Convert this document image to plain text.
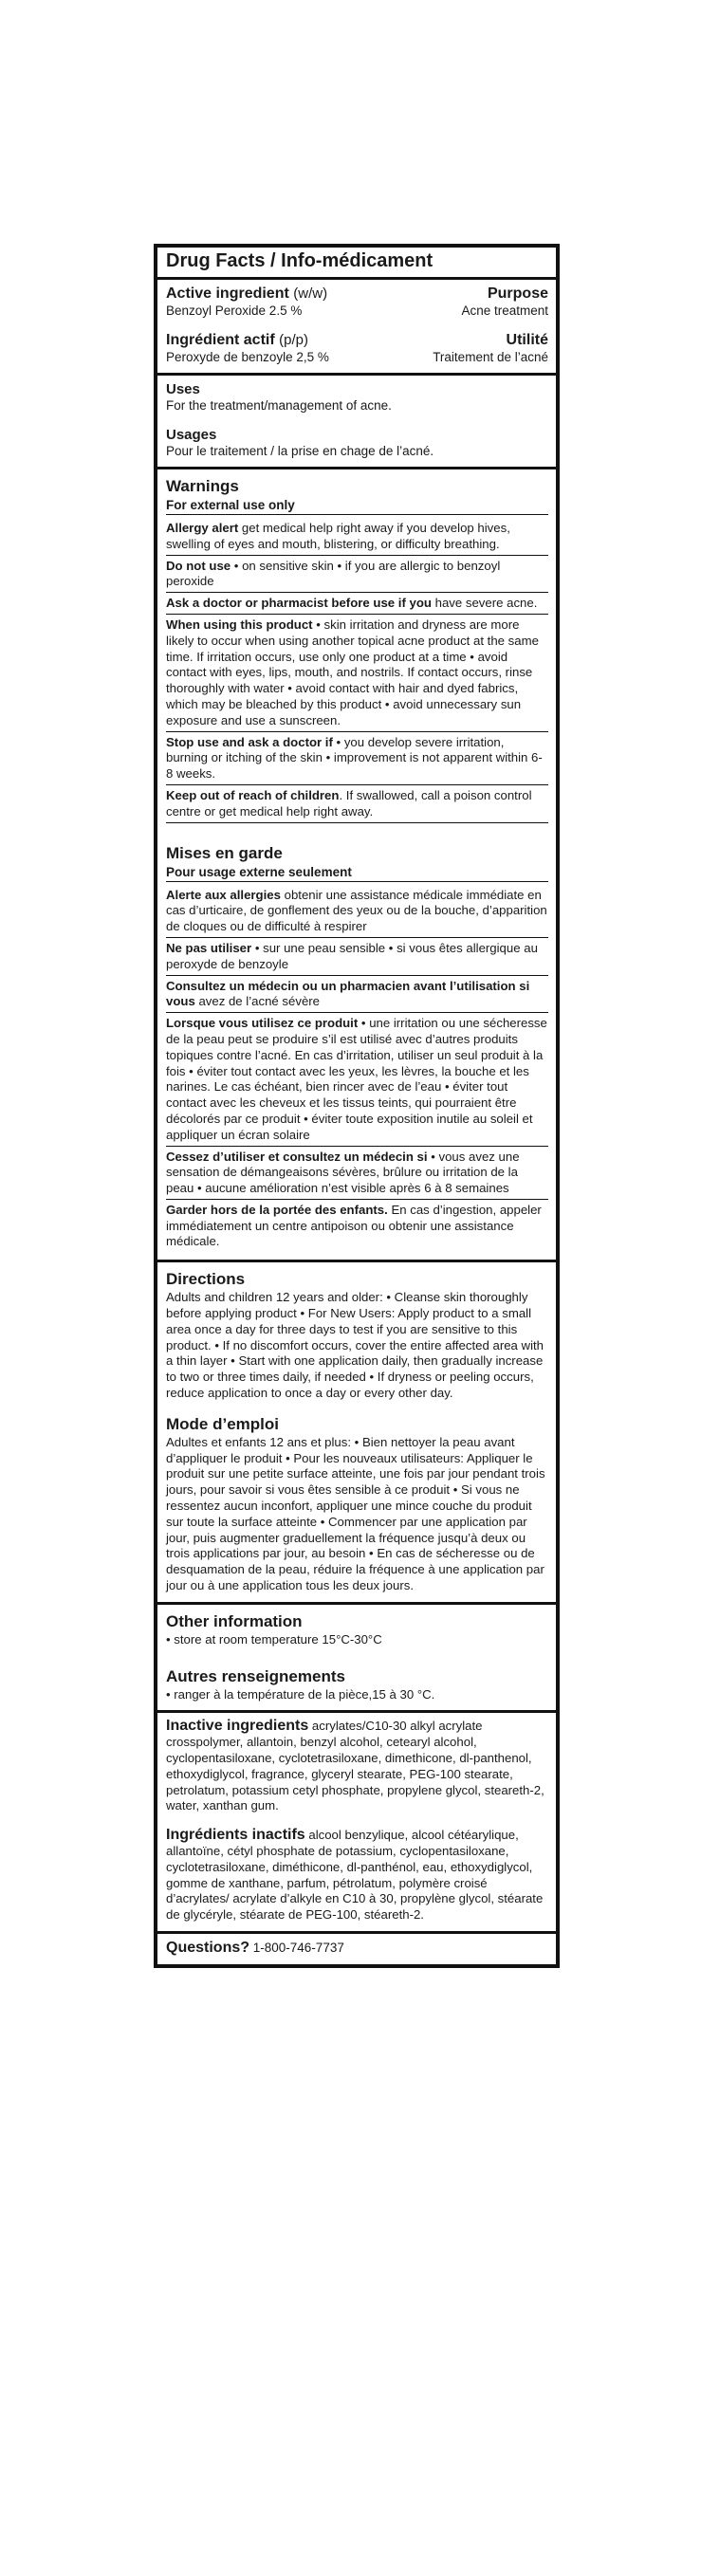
Drug Facts / Info-médicament
Active ingredient (w/w)	Purpose
Benzoyl Peroxide 2.5 %	Acne treatment
Ingrédient actif (p/p)	Utilité
Peroxyde de benzoyle 2,5 %	Traitement de l’acné
Uses
For the treatment/management of acne.
Usages
Pour le traitement / la prise en chage de l’acné.
Warnings
For external use only
Allergy alert get medical help right away if you develop hives, swelling of eyes and mouth, blistering, or difficulty breathing.
Do not use • on sensitive skin • if you are allergic to benzoyl peroxide
Ask a doctor or pharmacist before use if you have severe acne.
When using this product • skin irritation and dryness are more likely to occur when using another topical acne product at the same time. If irritation occurs, use only one product at a time • avoid contact with eyes, lips, mouth, and nostrils. If contact occurs, rinse thoroughly with water • avoid contact with hair and dyed fabrics, which may be bleached by this product • avoid unnecessary sun exposure and use a sunscreen.
Stop use and ask a doctor if • you develop severe irritation, burning or itching of the skin • improvement is not apparent within 6-8 weeks.
Keep out of reach of children. If swallowed, call a poison control centre or get medical help right away.
Mises en garde
Pour usage externe seulement
Alerte aux allergies obtenir une assistance médicale immédiate en cas d’urticaire, de gonflement des yeux ou de la bouche, d’apparition de cloques ou de difficulté à respirer
Ne pas utiliser • sur une peau sensible • si vous êtes allergique au peroxyde de benzoyle
Consultez un médecin ou un pharmacien avant l’utilisation si vous avez de l’acné sévère
Lorsque vous utilisez ce produit • une irritation ou une sécheresse de la peau peut se produire s’il est utilisé avec d’autres produits topiques contre l’acné. En cas d’irritation, utiliser un seul produit à la fois • éviter tout contact avec les yeux, les lèvres, la bouche et les narines. Le cas échéant, bien rincer avec de l’eau • éviter tout contact avec les cheveux et les tissus teints, qui pourraient être décolorés par ce produit • éviter toute exposition inutile au soleil et appliquer un écran solaire
Cessez d’utiliser et consultez un médecin si • vous avez une sensation de démangeaisons sévères, brûlure ou irritation de la peau • aucune amélioration n’est visible après 6 à 8 semaines
Garder hors de la portée des enfants. En cas d’ingestion, appeler immédiatement un centre antipoison ou obtenir une assistance médicale.
Directions
Adults and children 12 years and older: • Cleanse skin thoroughly before applying product • For New Users: Apply product to a small area once a day for three days to test if you are sensitive to this product. • If no discomfort occurs, cover the entire affected area with a thin layer • Start with one application daily, then gradually increase to two or three times daily, if needed • If dryness or peeling occurs, reduce application to once a day or every other day.
Mode d’emploi
Adultes et enfants 12 ans et plus: • Bien nettoyer la peau avant d’appliquer le produit • Pour les nouveaux utilisateurs: Appliquer le produit sur une petite surface atteinte, une fois par jour pendant trois jours, pour savoir si vous êtes sensible à ce produit • Si vous ne ressentez aucun inconfort, appliquer une mince couche du produit sur toute la surface atteinte • Commencer par une application par jour, puis augmenter graduellement la fréquence jusqu’à deux ou trois applications par jour, au besoin • En cas de sécheresse ou de desquamation de la peau, réduire la fréquence à une application par jour ou à une application tous les deux jours.
Other information
• store at room temperature 15°C-30°C
Autres renseignements
• ranger à la température de la pièce,15 à 30 °C.
Inactive ingredients acrylates/C10-30 alkyl acrylate crosspolymer, allantoin, benzyl alcohol, cetearyl alcohol, cyclopentasiloxane, cyclotetrasiloxane, dimethicone, dl-panthenol, ethoxydiglycol, fragrance, glyceryl stearate, PEG-100 stearate, petrolatum, potassium cetyl phosphate, propylene glycol, steareth-2, water, xanthan gum.
Ingrédients inactifs alcool benzylique, alcool cétéarylique, allantoïne, cétyl phosphate de potassium, cyclopentasiloxane, cyclotetrasiloxane, diméthicone, dl-panthénol, eau, ethoxydiglycol, gomme de xanthane, parfum, pétrolatum, polymère croisé d’acrylates/ acrylate d’alkyle en C10 à 30, propylène glycol, stéarate de glycéryle, stéarate de PEG-100, stéareth-2.
Questions? 1-800-746-7737
